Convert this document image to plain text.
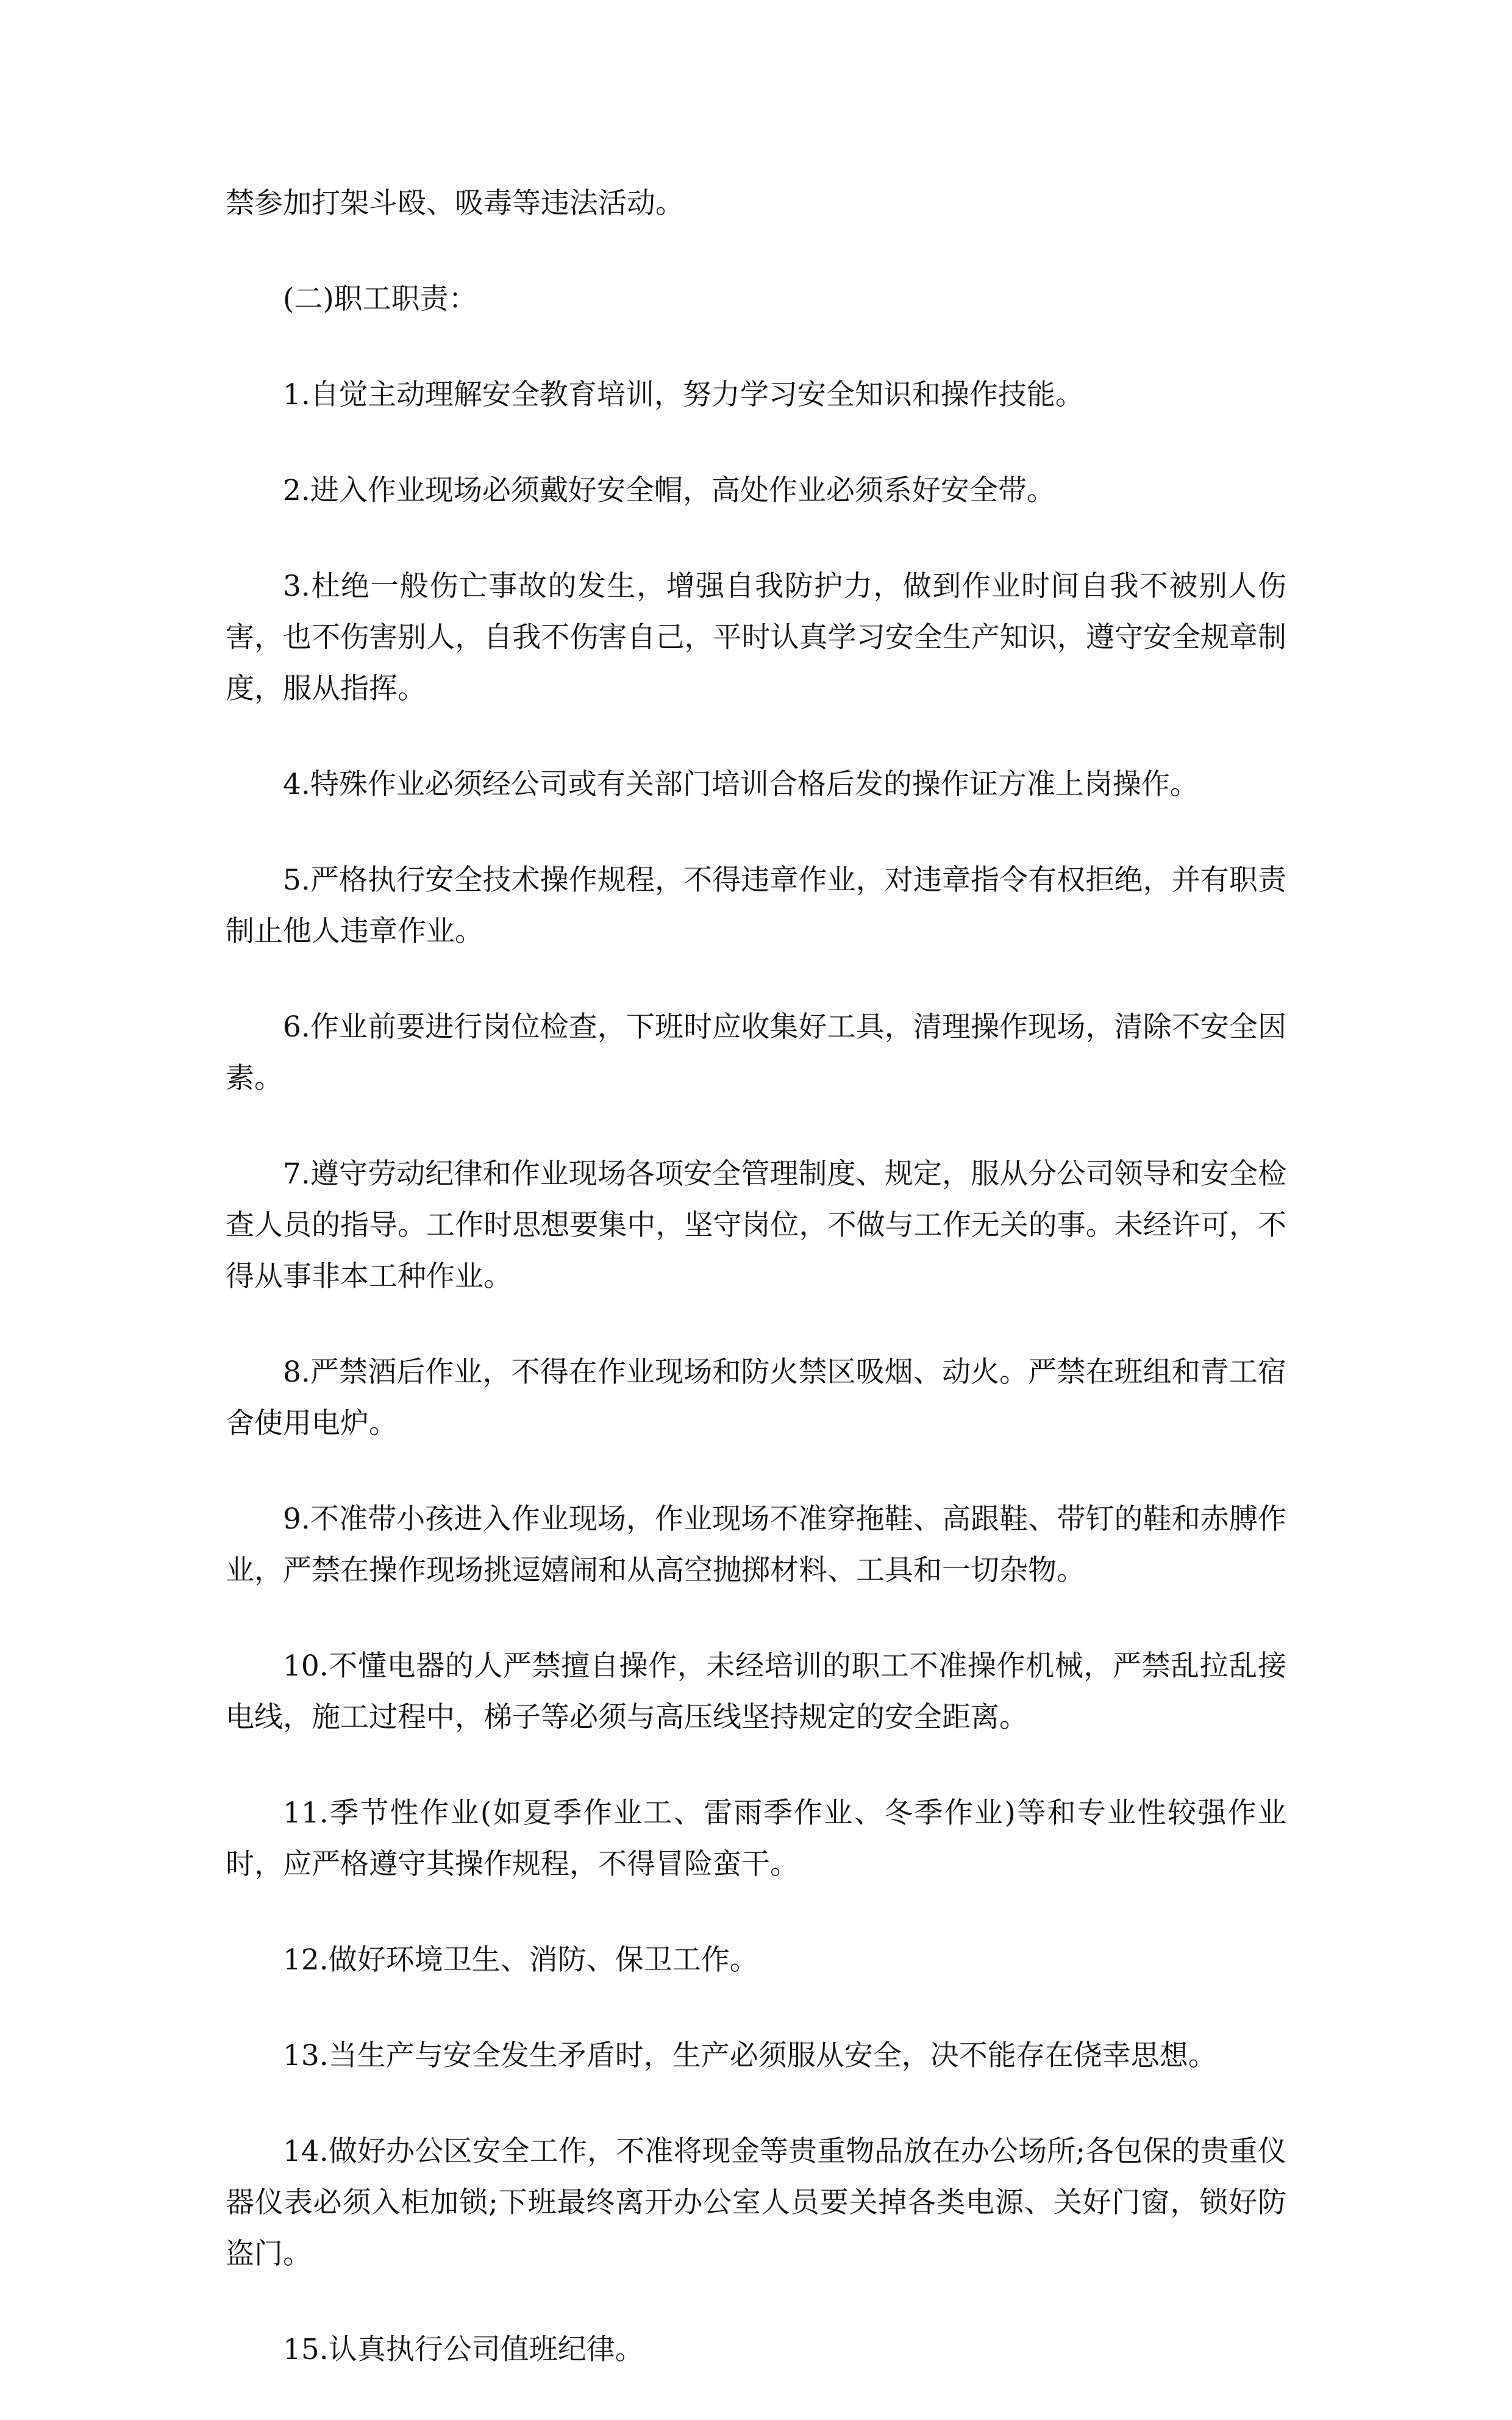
禁参加打架斗殴、吸毒等违法活动。

(二)职工职责：

1.自觉主动理解安全教育培训，努力学习安全知识和操作技能。

2.进入作业现场必须戴好安全帽，高处作业必须系好安全带。

3.杜绝一般伤亡事故的发生，增强自我防护力，做到作业时间自我不被别人伤害，也不伤害别人，自我不伤害自己，平时认真学习安全生产知识，遵守安全规章制度，服从指挥。

4.特殊作业必须经公司或有关部门培训合格后发的操作证方准上岗操作。

5.严格执行安全技术操作规程，不得违章作业，对违章指令有权拒绝，并有职责制止他人违章作业。

6.作业前要进行岗位检查，下班时应收集好工具，清理操作现场，清除不安全因素。

7.遵守劳动纪律和作业现场各项安全管理制度、规定，服从分公司领导和安全检查人员的指导。工作时思想要集中，坚守岗位，不做与工作无关的事。未经许可，不得从事非本工种作业。

8.严禁酒后作业，不得在作业现场和防火禁区吸烟、动火。严禁在班组和青工宿舍使用电炉。

9.不准带小孩进入作业现场，作业现场不准穿拖鞋、高跟鞋、带钉的鞋和赤膊作业，严禁在操作现场挑逗嬉闹和从高空抛掷材料、工具和一切杂物。

10.不懂电器的人严禁擅自操作，未经培训的职工不准操作机械，严禁乱拉乱接电线，施工过程中，梯子等必须与高压线坚持规定的安全距离。

11.季节性作业(如夏季作业工、雷雨季作业、冬季作业)等和专业性较强作业时，应严格遵守其操作规程，不得冒险蛮干。

12.做好环境卫生、消防、保卫工作。

13.当生产与安全发生矛盾时，生产必须服从安全，决不能存在侥幸思想。

14.做好办公区安全工作，不准将现金等贵重物品放在办公场所;各包保的贵重仪器仪表必须入柜加锁;下班最终离开办公室人员要关掉各类电源、关好门窗，锁好防盗门。

15.认真执行公司值班纪律。
